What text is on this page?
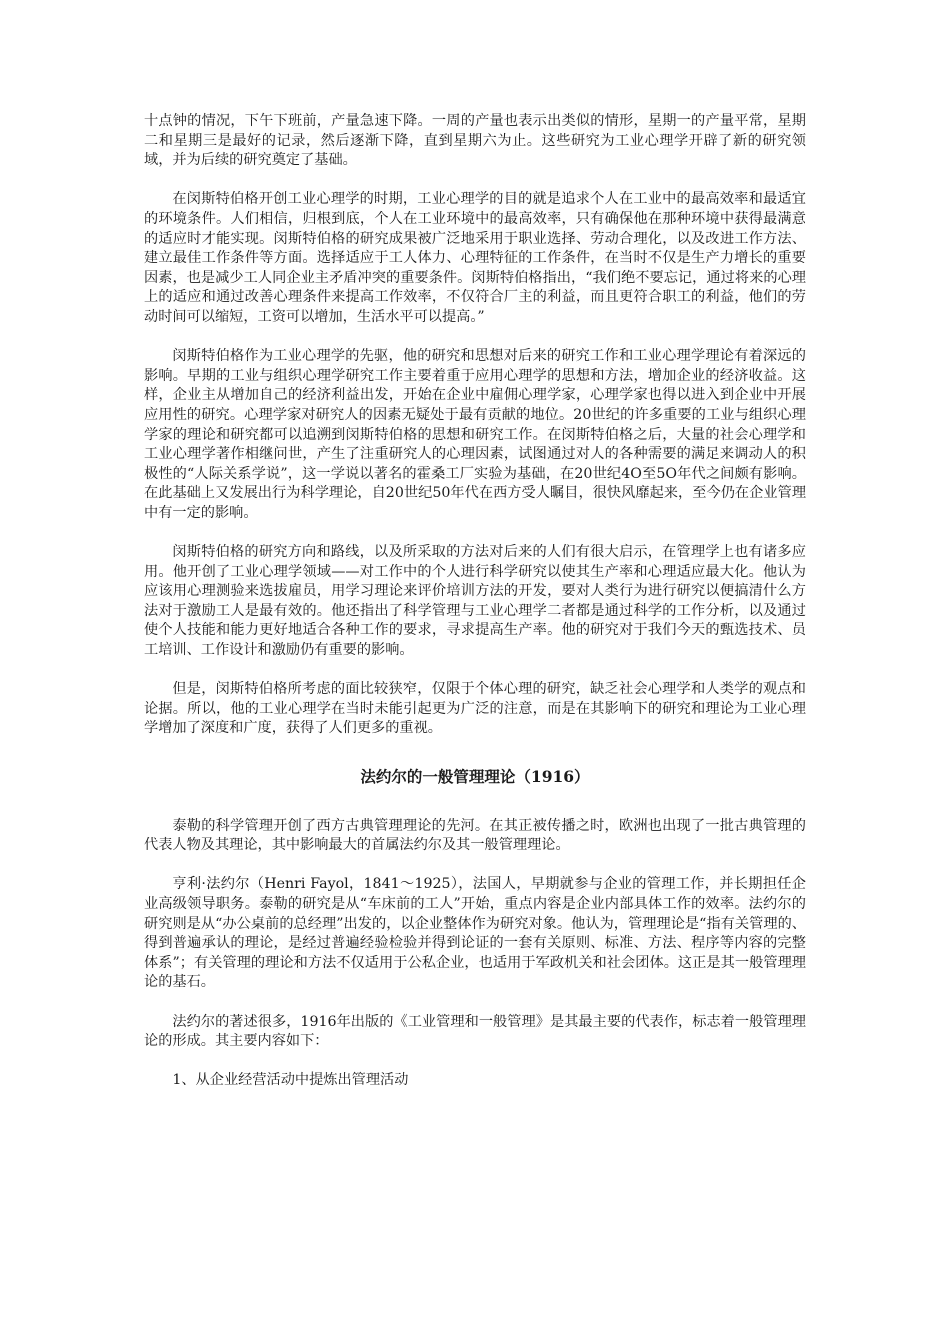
十点钟的情况，下午下班前，产量急速下降。一周的产量也表示出类似的情形，星期一的产量平常，星期二和星期三是最好的记录，然后逐渐下降，直到星期六为止。这些研究为工业心理学开辟了新的研究领域，并为后续的研究奠定了基础。

在闵斯特伯格开创工业心理学的时期，工业心理学的目的就是追求个人在工业中的最高效率和最适宜的环境条件。人们相信，归根到底，个人在工业环境中的最高效率，只有确保他在那种环境中获得最满意的适应时才能实现。闵斯特伯格的研究成果被广泛地采用于职业选择、劳动合理化，以及改进工作方法、建立最佳工作条件等方面。选择适应于工人体力、心理特征的工作条件，在当时不仅是生产力增长的重要因素，也是减少工人同企业主矛盾冲突的重要条件。闵斯特伯格指出，“我们绝不要忘记，通过将来的心理上的适应和通过改善心理条件来提高工作效率，不仅符合厂主的利益，而且更符合职工的利益，他们的劳动时间可以缩短，工资可以增加，生活水平可以提高。”

闵斯特伯格作为工业心理学的先驱，他的研究和思想对后来的研究工作和工业心理学理论有着深远的影响。早期的工业与组织心理学研究工作主要着重于应用心理学的思想和方法，增加企业的经济收益。这样，企业主从增加自己的经济利益出发，开始在企业中雇佣心理学家，心理学家也得以进入到企业中开展应用性的研究。心理学家对研究人的因素无疑处于最有贡献的地位。20世纪的许多重要的工业与组织心理学家的理论和研究都可以追溯到闵斯特伯格的思想和研究工作。在闵斯特伯格之后，大量的社会心理学和工业心理学著作相继问世，产生了注重研究人的心理因素，试图通过对人的各种需要的满足来调动人的积极性的“人际关系学说”，这一学说以著名的霍桑工厂实验为基础，在20世纪4O至5O年代之间颇有影响。在此基础上又发展出行为科学理论，自20世纪50年代在西方受人瞩目，很快风靡起来，至今仍在企业管理中有一定的影响。

闵斯特伯格的研究方向和路线，以及所采取的方法对后来的人们有很大启示，在管理学上也有诸多应用。他开创了工业心理学领域——对工作中的个人进行科学研究以使其生产率和心理适应最大化。他认为应该用心理测验来选拔雇员，用学习理论来评价培训方法的开发，要对人类行为进行研究以便搞清什么方法对于激励工人是最有效的。他还指出了科学管理与工业心理学二者都是通过科学的工作分析，以及通过使个人技能和能力更好地适合各种工作的要求，寻求提高生产率。他的研究对于我们今天的甄选技术、员工培训、工作设计和激励仍有重要的影响。

但是，闵斯特伯格所考虑的面比较狭窄，仅限于个体心理的研究，缺乏社会心理学和人类学的观点和论据。所以，他的工业心理学在当时未能引起更为广泛的注意，而是在其影响下的研究和理论为工业心理学增加了深度和广度，获得了人们更多的重视。

法约尔的一般管理理论（1916）

泰勒的科学管理开创了西方古典管理理论的先河。在其正被传播之时，欧洲也出现了一批古典管理的代表人物及其理论，其中影响最大的首属法约尔及其一般管理理论。

亨利·法约尔（Henri Fayol，1841～1925），法国人，早期就参与企业的管理工作，并长期担任企业高级领导职务。泰勒的研究是从“车床前的工人”开始，重点内容是企业内部具体工作的效率。法约尔的研究则是从“办公桌前的总经理”出发的，以企业整体作为研究对象。他认为，管理理论是“指有关管理的、得到普遍承认的理论，是经过普遍经验检验并得到论证的一套有关原则、标准、方法、程序等内容的完整体系”；有关管理的理论和方法不仅适用于公私企业，也适用于军政机关和社会团体。这正是其一般管理理论的基石。

法约尔的著述很多，1916年出版的《工业管理和一般管理》是其最主要的代表作，标志着一般管理理论的形成。其主要内容如下：

1、从企业经营活动中提炼出管理活动
